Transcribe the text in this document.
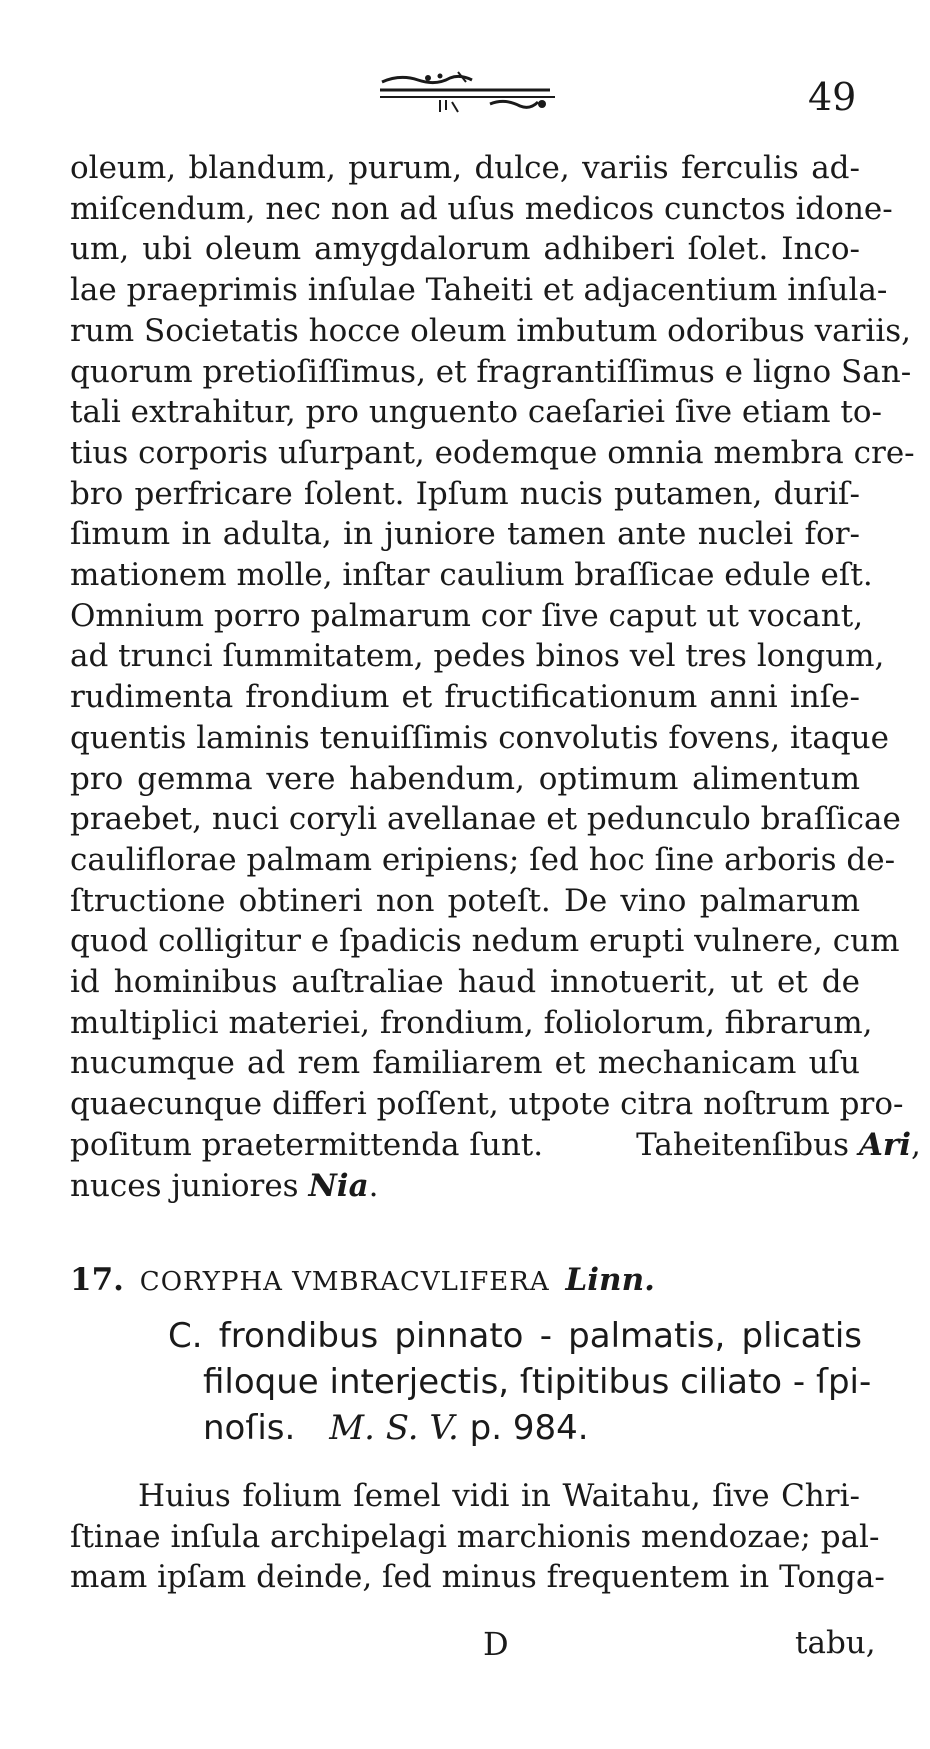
49
oleum, blandum, purum, dulce, variis ferculis ad-
miſcendum, nec non ad uſus medicos cunctos idone-
um, ubi oleum amygdalorum adhiberi ſolet. Inco-
lae praeprimis inſulae Taheiti et adjacentium inſula-
rum Societatis hocce oleum imbutum odoribus variis,
quorum pretioſiſſimus, et fragrantiſſimus e ligno San-
tali extrahitur, pro unguento caeſariei ſive etiam to-
tius corporis uſurpant, eodemque omnia membra cre-
bro perfricare ſolent. Ipſum nucis putamen, duriſ-
ſimum in adulta, in juniore tamen ante nuclei for-
mationem molle, inſtar caulium braſſicae edule eſt.
Omnium porro palmarum cor ſive caput ut vocant,
ad trunci ſummitatem, pedes binos vel tres longum,
rudimenta frondium et fructificationum anni inſe-
quentis laminis tenuiſſimis convolutis fovens, itaque
pro gemma vere habendum, optimum alimentum
praebet, nuci coryli avellanae et pedunculo braſſicae
cauliflorae palmam eripiens; ſed hoc ſine arboris de-
ſtructione obtineri non poteſt. De vino palmarum
quod colligitur e ſpadicis nedum erupti vulnere, cum
id hominibus auſtraliae haud innotuerit, ut et de
multiplici materiei, frondium, foliolorum, fibrarum,
nucumque ad rem familiarem et mechanicam uſu
quaecunque differi poſſent, utpote citra noſtrum pro-
poſitum praetermittenda ſunt.   	Taheitenſibus Ari,
nuces juniores Nia.
17. CORYPHA VMBRACVLIFERA Linn.
C. frondibus pinnato - palmatis, plicatis
filoque interjectis, ſtipitibus ciliato - ſpi-
noſis.   M. S. V. p. 984.
Huius folium ſemel vidi in Waitahu, ſive Chri-
ſtinae inſula archipelagi marchionis mendozae; pal-
mam ipſam deinde, ſed minus frequentem in Tonga-
D	tabu,
